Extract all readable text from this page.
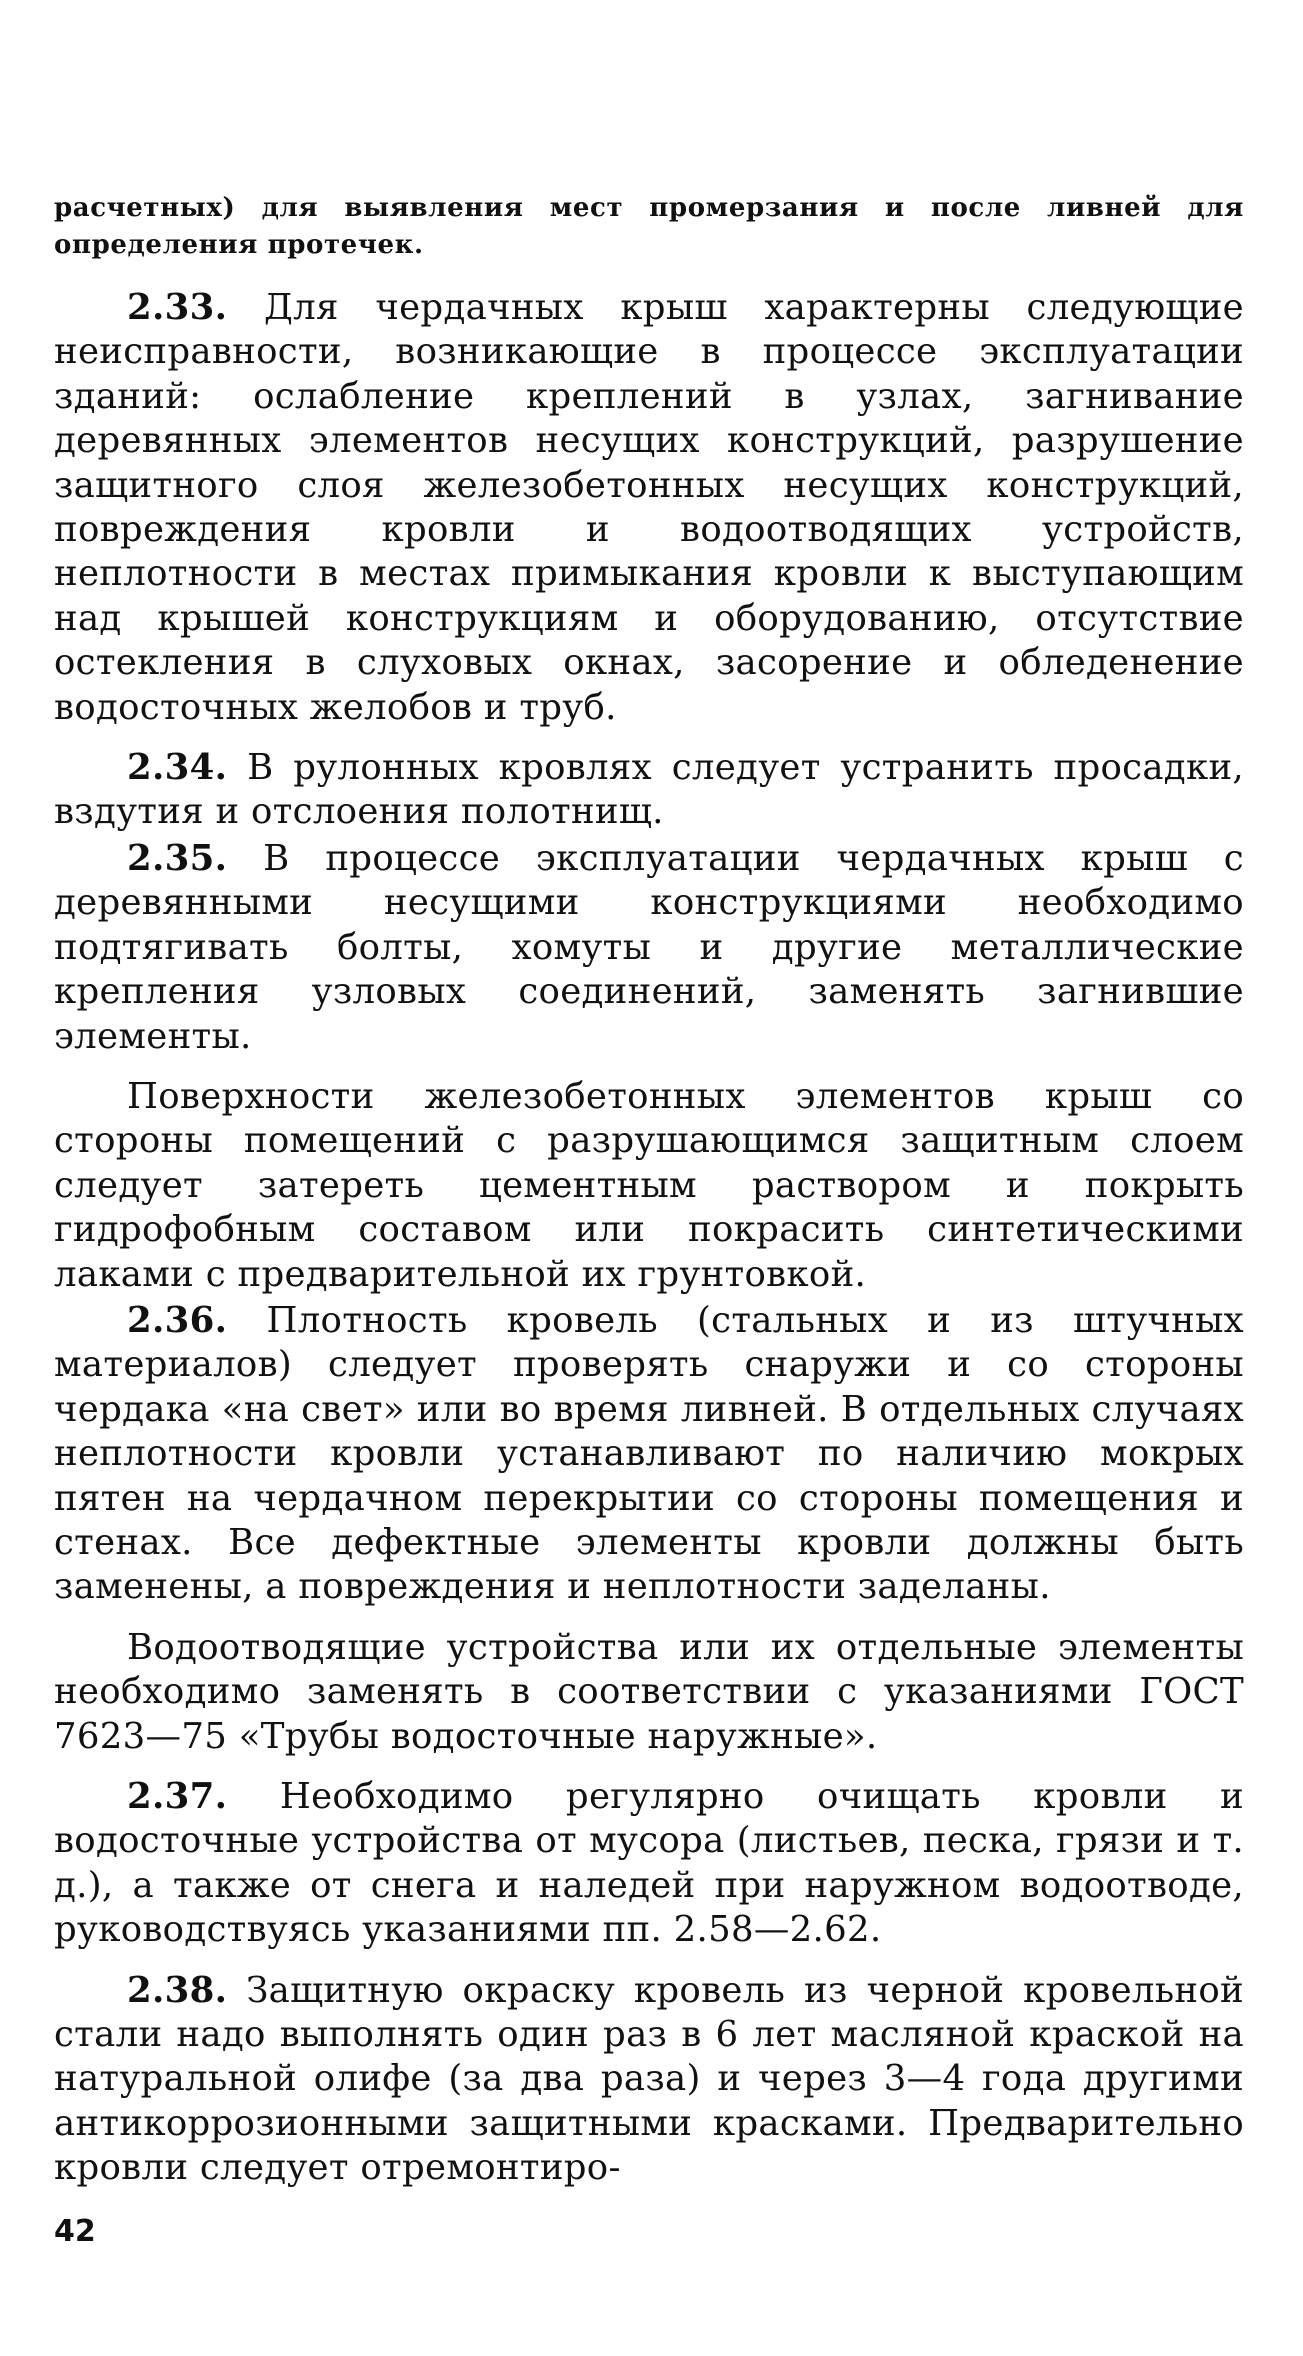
расчетных) для выявления мест промерзания и после ливней для определения протечек.

2.33. Для чердачных крыш характерны следующие неисправности, возникающие в процессе эксплуатации зданий: ослабление креплений в узлах, загнивание деревянных элементов несущих конструкций, разрушение защитного слоя железобетонных несущих конструкций, повреждения кровли и водоотводящих устройств, неплотности в местах примыкания кровли к выступающим над крышей конструкциям и оборудованию, отсутствие остекления в слуховых окнах, засорение и обледенение водосточных желобов и труб.

2.34. В рулонных кровлях следует устранить просадки, вздутия и отслоения полотнищ.

2.35. В процессе эксплуатации чердачных крыш с деревянными несущими конструкциями необходимо подтягивать болты, хомуты и другие металлические крепления узловых соединений, заменять загнившие элементы.

Поверхности железобетонных элементов крыш со стороны помещений с разрушающимся защитным слоем следует затереть цементным раствором и покрыть гидрофобным составом или покрасить синтетическими лаками с предварительной их грунтовкой.

2.36. Плотность кровель (стальных и из штучных материалов) следует проверять снаружи и со стороны чердака «на свет» или во время ливней. В отдельных случаях неплотности кровли устанавливают по наличию мокрых пятен на чердачном перекрытии со стороны помещения и стенах. Все дефектные элементы кровли должны быть заменены, а повреждения и неплотности заделаны.

Водоотводящие устройства или их отдельные элементы необходимо заменять в соответствии с указаниями ГОСТ 7623—75 «Трубы водосточные наружные».

2.37. Необходимо регулярно очищать кровли и водосточные устройства от мусора (листьев, песка, грязи и т. д.), а также от снега и наледей при наружном водоотводе, руководствуясь указаниями пп. 2.58—2.62.

2.38. Защитную окраску кровель из черной кровельной стали надо выполнять один раз в 6 лет масляной краской на натуральной олифе (за два раза) и через 3—4 года другими антикоррозионными защитными красками. Предварительно кровли следует отремонтиро-

42
